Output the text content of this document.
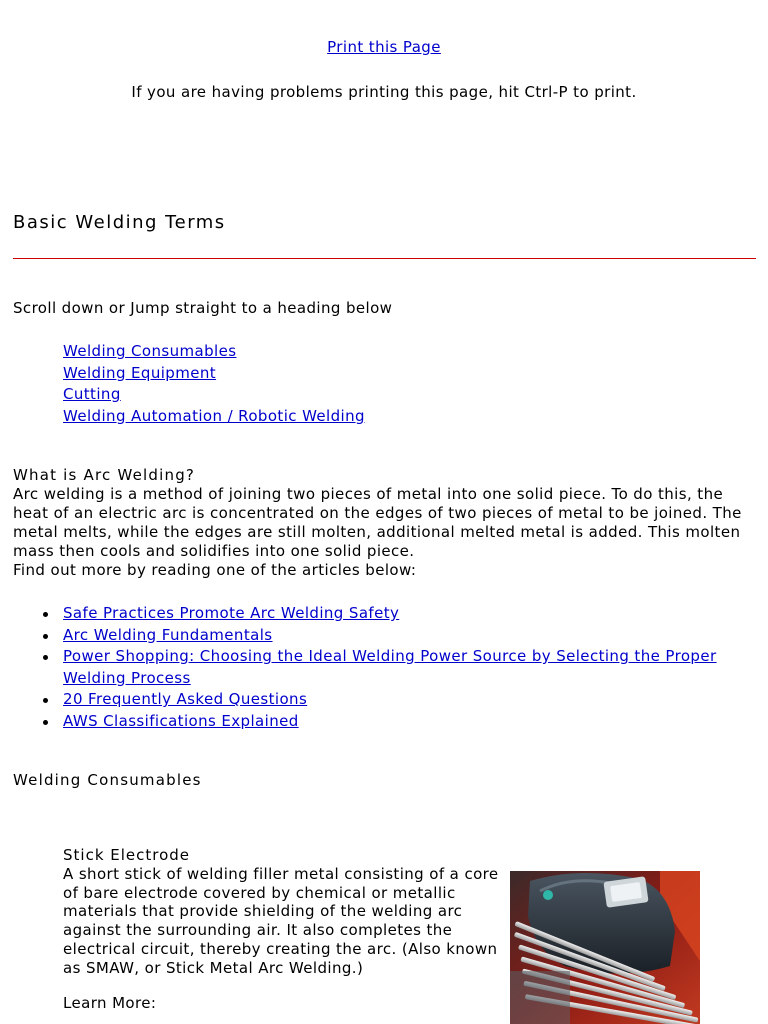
Print this Page
If you are having problems printing this page, hit Ctrl-P to print.
Basic Welding Terms
Scroll down or Jump straight to a heading below
Welding Consumables
Welding Equipment
Cutting
Welding Automation / Robotic Welding
What is Arc Welding?
Arc welding is a method of joining two pieces of metal into one solid piece. To do this, the heat of an electric arc is concentrated on the edges of two pieces of metal to be joined. The metal melts, while the edges are still molten, additional melted metal is added. This molten mass then cools and solidifies into one solid piece.
Find out more by reading one of the articles below:
Safe Practices Promote Arc Welding Safety
Arc Welding Fundamentals
Power Shopping: Choosing the Ideal Welding Power Source by Selecting the Proper Welding Process
20 Frequently Asked Questions
AWS Classifications Explained
Welding Consumables
Stick Electrode
A short stick of welding filler metal consisting of a core of bare electrode covered by chemical or metallic materials that provide shielding of the welding arc against the surrounding air. It also completes the electrical circuit, thereby creating the arc. (Also known as SMAW, or Stick Metal Arc Welding.)
Learn More:
